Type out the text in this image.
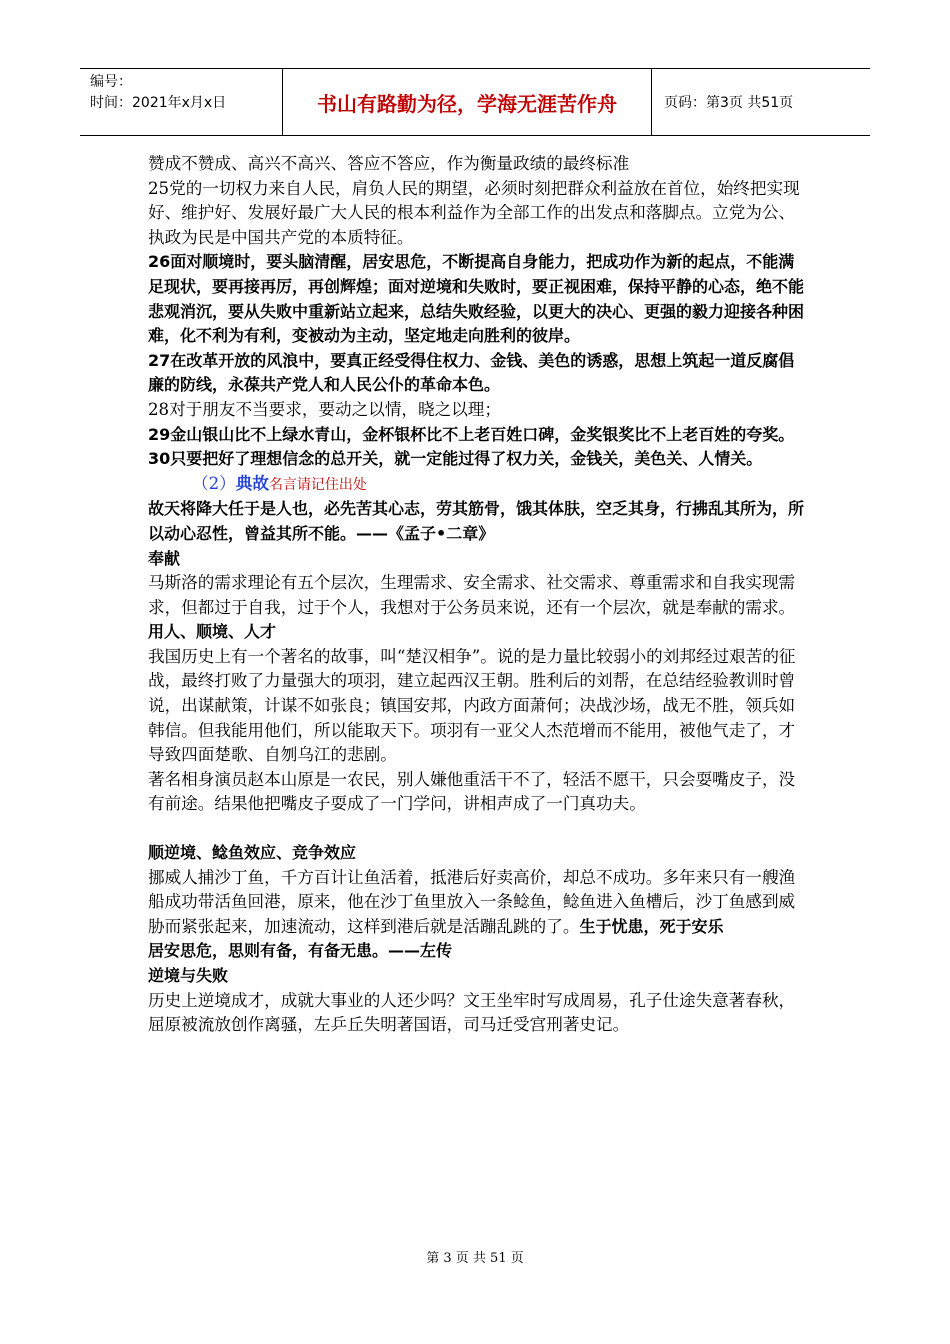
编号：
时间：2021年x月x日	书山有路勤为径，学海无涯苦作舟	页码：第3页 共51页

赞成不赞成、高兴不高兴、答应不答应，作为衡量政绩的最终标准

25党的一切权力来自人民，肩负人民的期望，必须时刻把群众利益放在首位，始终把实现好、维护好、发展好最广大人民的根本利益作为全部工作的出发点和落脚点。立党为公、执政为民是中国共产党的本质特征。

26面对顺境时，要头脑清醒，居安思危，不断提高自身能力，把成功作为新的起点，不能满足现状，要再接再厉，再创辉煌；面对逆境和失败时，要正视困难，保持平静的心态，绝不能悲观消沉，要从失败中重新站立起来，总结失败经验，以更大的决心、更强的毅力迎接各种困难，化不利为有利，变被动为主动，坚定地走向胜利的彼岸。

27在改革开放的风浪中，要真正经受得住权力、金钱、美色的诱惑，思想上筑起一道反腐倡廉的防线，永葆共产党人和人民公仆的革命本色。

28对于朋友不当要求，要动之以情，晓之以理；

29金山银山比不上绿水青山，金杯银杯比不上老百姓口碑，金奖银奖比不上老百姓的夸奖。

30只要把好了理想信念的总开关，就一定能过得了权力关，金钱关，美色关、人情关。

（2）典故名言请记住出处

故天将降大任于是人也，必先苦其心志，劳其筋骨，饿其体肤，空乏其身，行拂乱其所为，所以动心忍性，曾益其所不能。——《孟子•二章》

奉献

马斯洛的需求理论有五个层次，生理需求、安全需求、社交需求、尊重需求和自我实现需求，但都过于自我，过于个人，我想对于公务员来说，还有一个层次，就是奉献的需求。

用人、顺境、人才

我国历史上有一个著名的故事，叫“楚汉相争”。说的是力量比较弱小的刘邦经过艰苦的征战，最终打败了力量强大的项羽，建立起西汉王朝。胜利后的刘帮，在总结经验教训时曾说，出谋献策，计谋不如张良；镇国安邦，内政方面萧何；决战沙场，战无不胜，领兵如韩信。但我能用他们，所以能取天下。项羽有一亚父人杰范增而不能用，被他气走了，才导致四面楚歌、自刎乌江的悲剧。

著名相身演员赵本山原是一农民，别人嫌他重活干不了，轻活不愿干，只会耍嘴皮子，没有前途。结果他把嘴皮子耍成了一门学问，讲相声成了一门真功夫。

顺逆境、鲶鱼效应、竞争效应

挪威人捕沙丁鱼，千方百计让鱼活着，抵港后好卖高价，却总不成功。多年来只有一艘渔船成功带活鱼回港，原来，他在沙丁鱼里放入一条鲶鱼，鲶鱼进入鱼槽后，沙丁鱼感到威胁而紧张起来，加速流动，这样到港后就是活蹦乱跳的了。生于忧患，死于安乐

居安思危，思则有备，有备无患。——左传

逆境与失败

历史上逆境成才，成就大事业的人还少吗？文王坐牢时写成周易，孔子仕途失意著春秋，屈原被流放创作离骚，左乒丘失明著国语，司马迁受宫刑著史记。

第 3 页 共 51 页
